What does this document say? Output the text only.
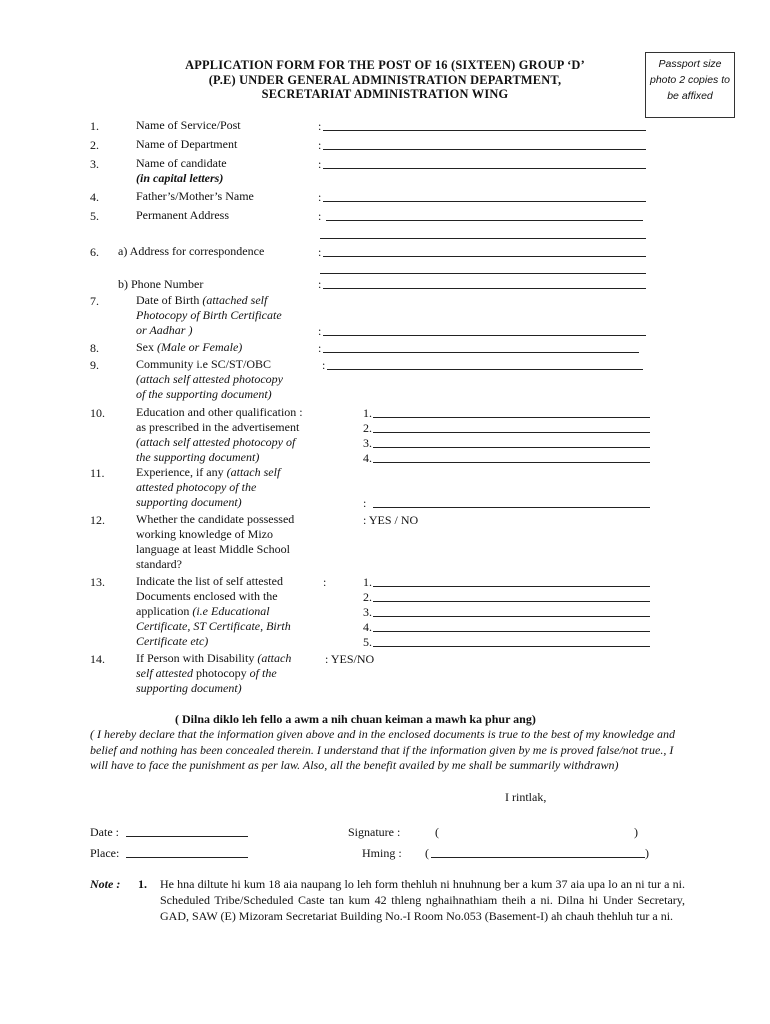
APPLICATION FORM FOR THE POST OF 16 (SIXTEEN) GROUP ‘D’
(P.E) UNDER GENERAL ADMINISTRATION DEPARTMENT,
SECRETARIAT ADMINISTRATION WING
Passport size photo 2 copies to be affixed
1.	Name of Service/Post	:
2.	Name of Department	:
3.	Name of candidate
(in capital letters)
:
4.	Father’s/Mother’s Name	:
5.	Permanent Address	:
6. a) Address for correspondence	:
b) Phone Number	:
7.	Date of Birth (attached self
Photocopy of Birth Certificate
or Aadhar )	:
8.	Sex (Male or Female)	:
9.	Community i.e SC/ST/OBC
(attach self attested photocopy
of the supporting document)
:
10.	Education and other qualification :
as prescribed in the advertisement
(attach self attested photocopy of
the supporting document)
1.
2.
3.
4.
11.	Experience, if any (attach self
attested photocopy of the
supporting document)	:
12.	Whether the candidate possessed
working knowledge of Mizo
language at least Middle School
standard?
: YES / NO
13.	Indicate the list of self attested
Documents enclosed with the
application (i.e Educational
Certificate, ST Certificate, Birth
Certificate etc)
:	1.
2.
3.
4.
5.
14.	If Person with Disability (attach
self attested photocopy of the
supporting document)
: YES/NO
( Dilna diklo leh fello a awm a nih chuan keiman a mawh ka phur ang)
( I hereby declare that the information given above and in the enclosed documents is true to the best of my knowledge and belief and nothing has been concealed therein. I understand that if the information given by me is proved false/not true., I will have to face the punishment as per law. Also, all the benefit availed by me shall be summarily withdrawn)
I rintlak,
Date :
Place:
Signature :	(	)
Hming : (	)
Note : 1. He hna diltute hi kum 18 aia naupang lo leh form thehluh ni hnuhnung ber a kum 37 aia upa lo an ni tur a ni. Scheduled Tribe/Scheduled Caste tan kum 42 thleng nghaihnathiam theih a ni. Dilna hi Under Secretary, GAD, SAW (E) Mizoram Secretariat Building No.-I Room No.053 (Basement-I) ah chauh thehluh tur a ni.
